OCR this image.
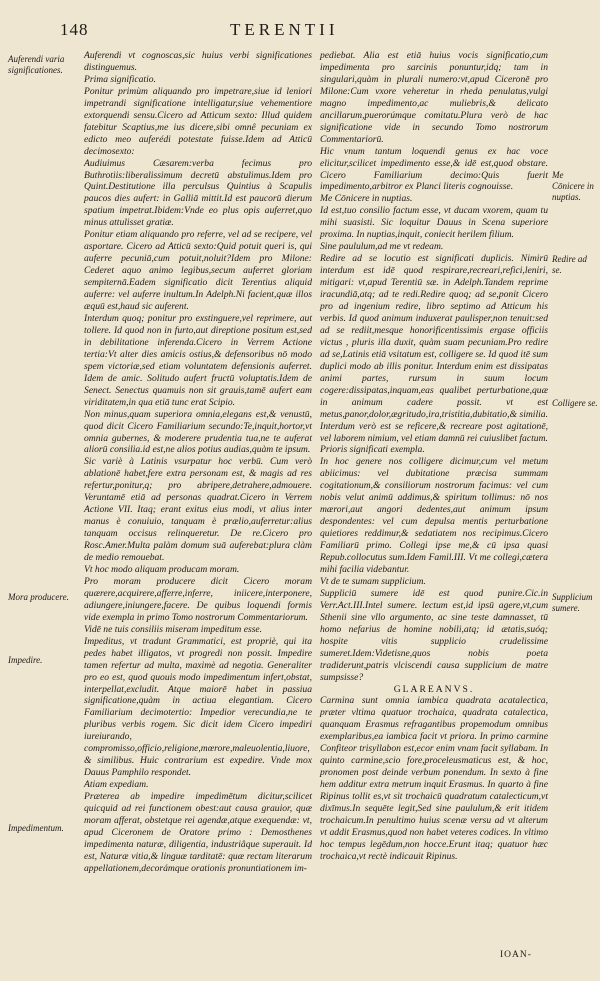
148	TERENTII
Auferendi varia significationes.
Mora producere.
Impedire.
Impedimentum.
Me Cōnicere in nuptias.
Redire ad se.
Colligere se.
Supplicium sumere.

Auferendi vt cognoscas,sic huius verbi significationes distinguemus.

Prima significatio.

Ponitur primùm aliquando pro impetrare,siue id leniori impetrandi significatione intelligatur,siue vehementiore extorquendi sensu.Cicero ad Atticum sexto: Illud quidem fatebitur Scaptius,me ius dicere,sibi omnê pecuniam ex edicto meo auferédi potestate fuisse.Idem ad Atticū decimosexto:

Audiuimus Cæsarem:verba fecimus pro Buthrotiis:liberalissimum decretū abstulimus.Idem pro Quint.Destitutione illa perculsus Quintius à Scapulis paucos dies aufert: in Galliā mittit.Id est paucorū dierum spatium impetrat.Ibidem:Vnde eo plus opis auferret,quo minus attulisset gratiæ.

Ponitur etiam aliquando pro referre, vel ad se recipere, vel asportare. Cicero ad Atticū sexto:Quid potuit queri is, qui auferre pecuniā,cum potuit,noluit?Idem pro Milone: Cederet aquo animo legibus,secum auferret gloriam sempiternā.Eadem significatio dicit Terentius aliquid auferre: vel auferre inultum.In Adelph.Ni facient,quæ illos æquū est,haud sic auferent.

Interdum quoq; ponitur pro exstinguere,vel reprimere, aut tollere. Id quod non in furto,aut direptione positum est,sed in debilitatione inferenda.Cicero in Verrem Actione tertia:Vt alter dies amicis ostius,& defensoribus nō modo spem victoriæ,sed etiam voluntatem defensionis auferret. Idem de amic. Solitudo aufert fructū voluptatis.Idem de Senect. Senectus quamuis non sit grauis,tamē aufert eam viriditatem,in qua etiā tunc erat Scipio.

Non minus,quam superiora omnia,elegans est,& venustū, quod dicit Cicero Familiarium secundo:Te,inquit,hortor,vt omnia gubernes, & moderere prudentia tua,ne te auferat aliorū consilia.id est,ne alios potius audias,quàm te ipsum.

Sic variè à Latinis vsurpatur hoc verbū. Cum verò ablationē habet,fere extra personam est, & magis ad res refertur,ponitur,q; pro abripere,detrahere,admouere. Veruntamē etiā ad personas quadrat.Cicero in Verrem Actione VII. Itaq; erant exitus eius modi, vt alius inter manus è conuiuio, tanquam è prælio,auferretur:alius tanquam occisus relinqueretur. De re.Cicero pro Rosc.Amer.Multa palàm domum suā auferebat:plura clàm de medio remouebat.

Vt hoc modo aliquam producam moram.

Pro moram producere dicit Cicero moram quærere,acquirere,afferre,inferre, iniicere,interponere, adiungere,iniungere,facere. De quibus loquendi formis vide exempla in primo Tomo nostrorum Commentariorum.

Vidē ne tuis consiliis miseram impeditum esse.

Impeditus, vt tradunt Grammatici, est propriè, qui ita pedes habet illigatos, vt progredi non possit. Impedire tamen refertur ad multa, maximè ad negotia. Generaliter pro eo est, quod quouis modo impedimentum infert,obstat, interpellat,excludit. Atque maiorē habet in passiua significatione,quàm in actiua elegantiam. Cicero Familiarium decimotertio: Impedior verecundia,ne te pluribus verbis rogem. Sic dicit idem Cicero impediri iureiurando, compromisso,officio,religione,mœrore,maleuolentia,liuore, & similibus. Huic contrarium est expedire. Vnde mox Dauus Pamphilo respondet.

Atiam expediam.

Præterea ab impedire impedimētum dicitur,scilicet quicquid ad rei functionem obest:aut causa grauior, quæ moram afferat, obstetque rei agendæ,atque exequendæ: vt, apud Ciceronem de Oratore primo : Demosthenes impedimenta naturæ, diligentia, industriâque superauit. Id est, Naturæ vitia,& linguæ tarditatē: quæ rectam literarum appellationem,decorámque orationis pronuntiationem im-

pediebat. Alia est etiā huius vocis significatio,cum impedimenta pro sarcinis ponuntur,idq; tam in singulari,quàm in plurali numero:vt,apud Ciceronē pro Milone:Cum vxore veheretur in rheda penulatus,vulgi magno impedimento,ac muliebris,& delicato ancillarum,puerorúmque comitatu.Plura verò de hac significatione vide in secundo Tomo nostrorum Commentariorū.

Hic vnum tantum loquendi genus ex hac voce elicitur,scilicet impedimento esse,& idē est,quod obstare. Cicero Familiarium decimo:Quis fuerit impedimento,arbitror ex Planci literis cognouisse.

Me Cōnicere in nuptias.

Id est,tuo consilio factum esse, vt ducam vxorem, quam tu mihi suasisti. Sic loquitur Dauus in Scena superiore proxima. In nuptias,inquit, coniecit herilem filium.

Sine paululum,ad me vt redeam.

Redire ad se locutio est significati duplicis. Nimirū interdum est idē quod respirare,recreari,refici,leniri, mitigari: vt,apud Terentiū sæ. in Adelph.Tandem reprime iracundiā,atq; ad te redi.Redire quoq; ad se,ponit Cicero pro ad ingenium redire, libro septimo ad Atticum his verbis. Id quod animum induxerat paulisper,non tenuit:sed ad se rediit,mesque honorificentissimis ergase officiis victus , pluris illa duxit, quàm suam pecuniam.Pro redire ad se,Latinis etiā vsitatum est, colligere se. Id quod itē sum duplici modo ab illis ponitur. Interdum enim est dissipatas animi partes, rursum in suum locum cogere:dissipatas,inquam,eas qualibet perturbatione,quæ in animum cadere possit. vt est metus,panor,dolor,ægritudo,ira,tristitia,dubitatio,& similia. Interdum verò est se reficere,& recreare post agitationē, vel laborem nimium, vel etiam damnū rei cuiuslibet factum.

Prioris significati exempla.

In hoc genere nos colligere dicimur,cum vel metum abiicimus: vel dubitatione præcisa summam cogitationum,& consiliorum nostrorum facimus: vel cum nobis velut animū addimus,& spiritum tollimus: nō nos mærori,aut angori dedentes,aut animum ipsum despondentes: vel cum depulsa mentis perturbatione quietiores reddimur,& sedatiatem nos recipimus.Cicero Familiarū primo. Collegi ipse me,& cū ipsa quasi Repub.collocutus sum.Idem Famil.III. Vt me collegi,cætera mihi facilia videbantur.

Vt de te sumam supplicium.

Suppliciū sumere idē est quod punire.Cic.in Verr.Act.III.Intel sumere. lectum est,id ipsū agere,vt,cum Sthenii sine vllo argumento, ac sine teste damnasset, tū homo nefarius de homine nobili,atq; id ætatis,suóq; hospite vitis supplicio crudelissime sumeret.Idem:Videtisne,quos nobis poeta tradiderunt,patris vlciscendi causa supplicium de matre sumpsisse?

GLAREANVS.

Carmina sunt omnia iambica quadrata acatalectica, præter vltima quatuor trochaica, quadrata catalectica, quanquam Erasmus refragantibus propemodum omnibus exemplaribus,ea iambica facit vt priora. In primo carmine Confiteor trisyllabon est,ecor enim vnam facit syllabam. In quinto carmine,scio fore,proceleusmaticus est, & hoc, pronomen post deinde verbum ponendum. In sexto à fine hem additur extra metrum inquit Erasmus. In quarto à fine Ripinus tollit es,vt sit trochaicū quadratum catalecticum,vt dixīmus.In sequēte legit,Sed sine paululum,& erit itidem trochaicum.In penultimo huius scenæ versu ad vt alterum vt addit Erasmus,quod non habet veteres codices. In vltimo hoc tempus legēdum,non hocce.Erunt itaq; quatuor hæc trochaica,vt rectè indicauit Ripinus.

IOAN-
